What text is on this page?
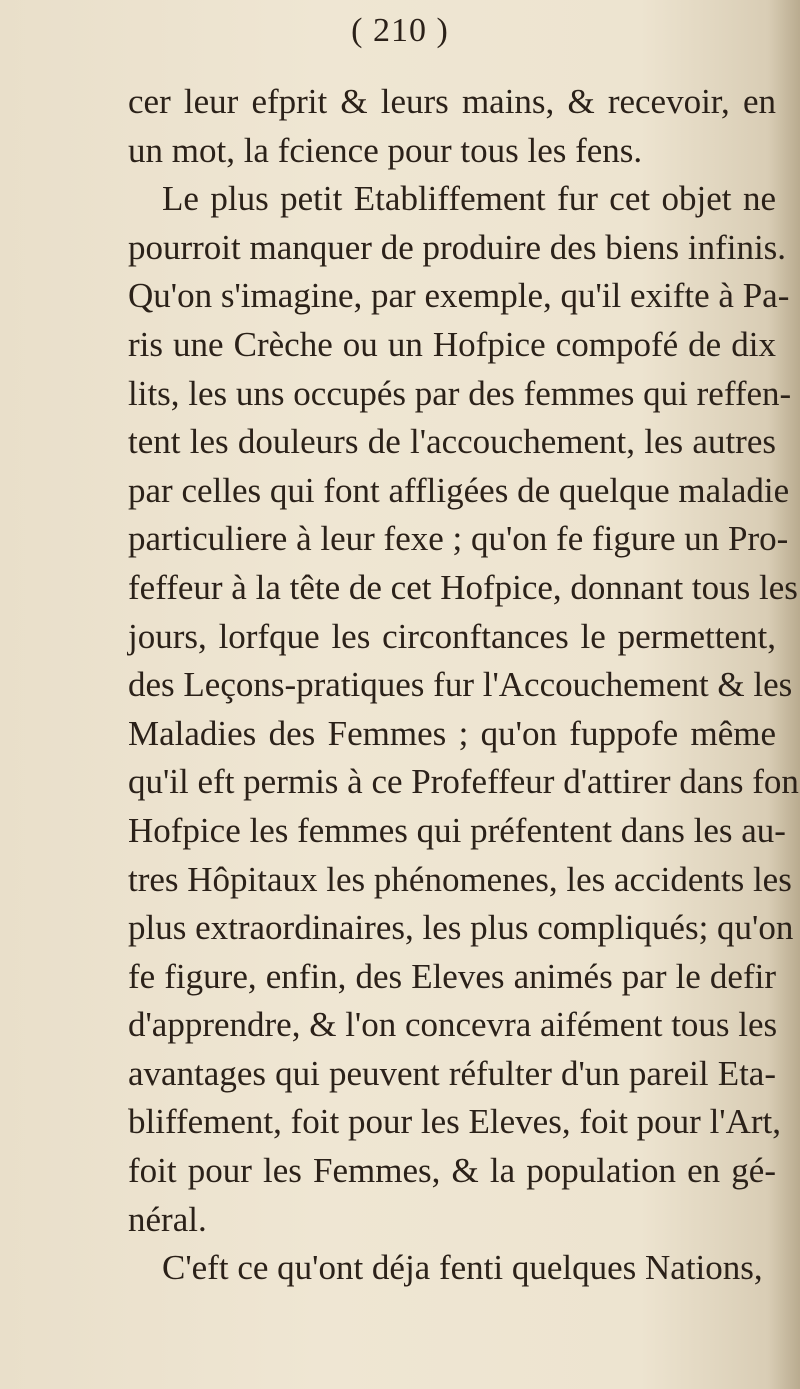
( 210 )
cer leur efprit & leurs mains, & recevoir, en
un mot, la fcience pour tous les fens.
Le plus petit Etabliffement fur cet objet ne
pourroit manquer de produire des biens infinis.
Qu'on s'imagine, par exemple, qu'il exifte à Pa-
ris une Crèche ou un Hofpice compofé de dix
lits, les uns occupés par des femmes qui reffen-
tent les douleurs de l'accouchement, les autres
par celles qui font affligées de quelque maladie
particuliere à leur fexe ; qu'on fe figure un Pro-
feffeur à la tête de cet Hofpice, donnant tous les
jours, lorfque les circonftances le permettent,
des Leçons-pratiques fur l'Accouchement & les
Maladies des Femmes ; qu'on fuppofe même
qu'il eft permis à ce Profeffeur d'attirer dans fon
Hofpice les femmes qui préfentent dans les au-
tres Hôpitaux les phénomenes, les accidents les
plus extraordinaires, les plus compliqués; qu'on
fe figure, enfin, des Eleves animés par le defir
d'apprendre, & l'on concevra aifément tous les
avantages qui peuvent réfulter d'un pareil Eta-
bliffement, foit pour les Eleves, foit pour l'Art,
foit pour les Femmes, & la population en gé-
néral.
C'eft ce qu'ont déja fenti quelques Nations,
